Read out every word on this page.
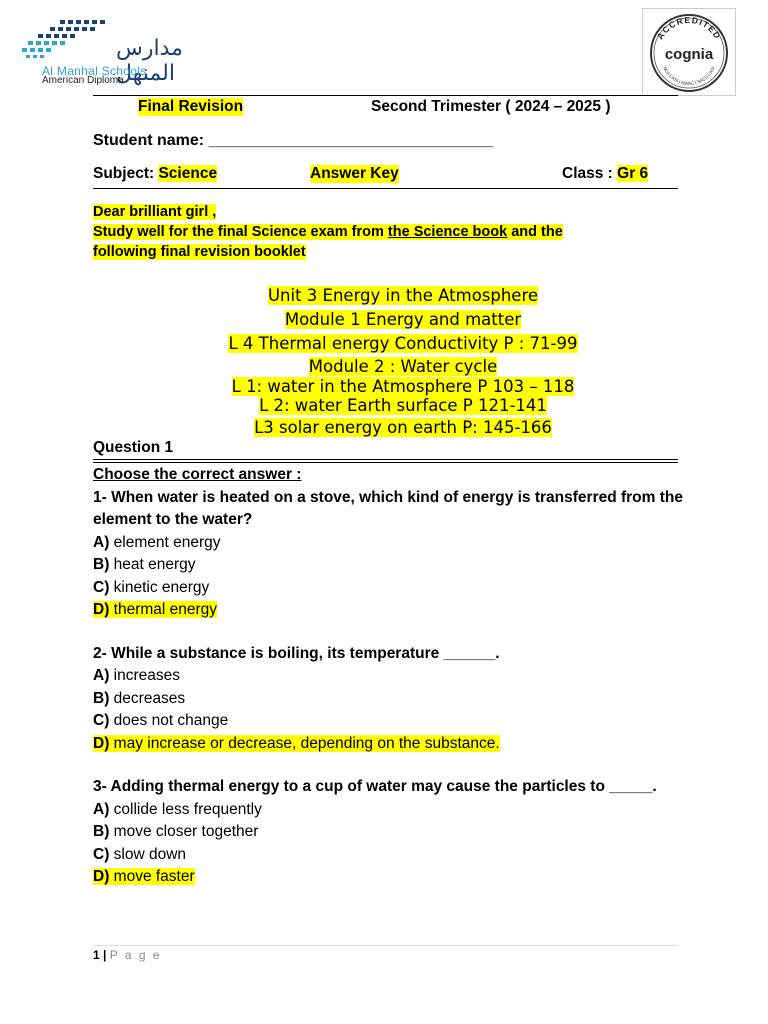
مدارس المنهل
Al Manhal Schools
American Diploma
ACCREDITED
NCA CASI | NWAC | SACS CASI
cognia
Final Revision	Second Trimester ( 2024 – 2025 )
Student name: ________________________________
Subject: Science	Answer Key	Class : Gr 6
Dear brilliant girl ,
Study well for the final Science exam from the Science book and the
following final revision booklet
Unit 3 Energy in the Atmosphere
Module 1 Energy and matter
L 4 Thermal energy Conductivity P : 71-99
Module 2 : Water cycle
L 1: water in the Atmosphere P 103 – 118
L 2: water Earth surface P 121-141
L3 solar energy on earth P: 145-166
Question 1
Choose the correct answer :
1- When water is heated on a stove, which kind of energy is transferred from the element to the water?
A) element energy
B) heat energy
C) kinetic energy
D) thermal energy
2- While a substance is boiling, its temperature ______.
A) increases
B) decreases
C) does not change
D) may increase or decrease, depending on the substance.
3- Adding thermal energy to a cup of water may cause the particles to _____.
A) collide less frequently
B) move closer together
C) slow down
D) move faster
1 | P a g e
